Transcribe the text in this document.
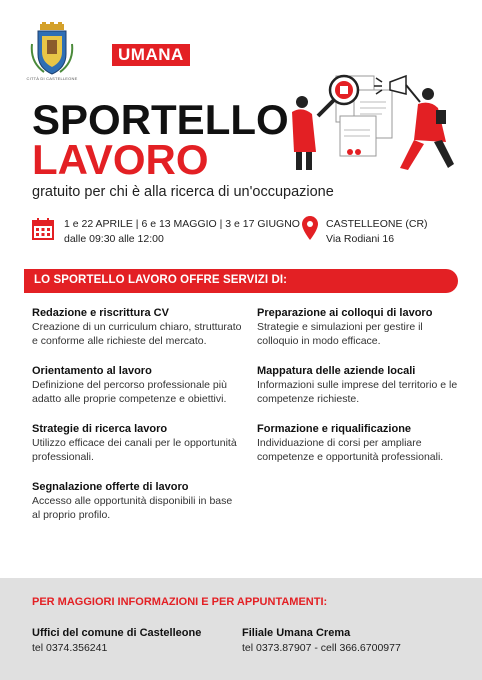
CITTÀ DI CASTELLEONE
UMANA
SPORTELLO
LAVORO
gratuito per chi è alla ricerca di un'occupazione
1 e 22 APRILE | 6 e 13 MAGGIO | 3 e 17 GIUGNO
dalle 09:30 alle 12:00
CASTELLEONE (CR)
Via Rodiani 16
LO SPORTELLO LAVORO OFFRE SERVIZI DI:
Redazione e riscrittura CV
Creazione di un curriculum chiaro, strutturato e conforme alle richieste del mercato.
Orientamento al lavoro
Definizione del percorso professionale più adatto alle proprie competenze e obiettivi.
Strategie di ricerca lavoro
Utilizzo efficace dei canali per le opportunità professionali.
Segnalazione offerte di lavoro
Accesso alle opportunità disponibili in base al proprio profilo.
Preparazione ai colloqui di lavoro
Strategie e simulazioni per gestire il colloquio in modo efficace.
Mappatura delle aziende locali
Informazioni sulle imprese del territorio e le competenze richieste.
Formazione e riqualificazione
Individuazione di corsi per ampliare competenze e opportunità professionali.
PER MAGGIORI INFORMAZIONI E PER APPUNTAMENTI:
Uffici del comune di Castelleone
tel 0374.356241
Filiale Umana Crema
tel 0373.87907 - cell 366.6700977
